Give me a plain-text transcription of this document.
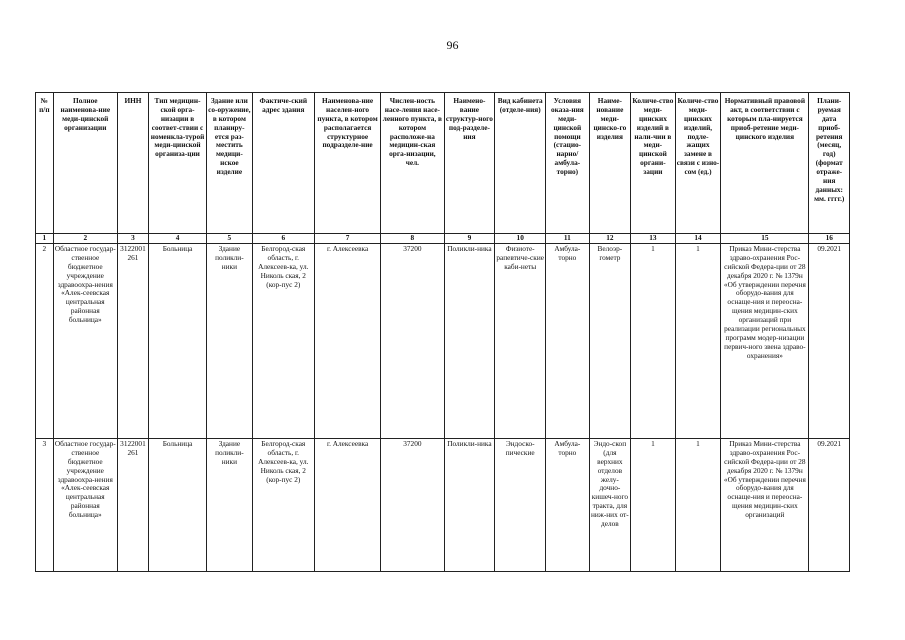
96
№ п/п	Полное наименова-ние меди-цинской организации	ИНН	Тип медицин-ской орга-низации в соответ-ствии с номенкла-турой меди-цинской организа-ции	Здание или со-оружение, в котором планиру-ется раз-местить медици-нское изделие	Фактиче-ский адрес здания	Наименова-ние населен-ного пункта, в котором располагается структурное подразделе-ние	Числен-ность насе-ления насе-ленного пункта, в котором расположе-на медицин-ская орга-низации, чел.	Наимено-вание структур-ного под-разделе-ния	Вид кабинета (отделе-ния)	Условия оказа-ния меди-цинской помощи (стацио-нарно/ амбула-торно)	Наиме-нование меди-цинско-го изделия	Количе-ство меди-цинских изделий в нали-чии в меди-цинской органи-зации	Количе-ство меди-цинских изделий, подле-жащих замене в связи с изно-сом (ед.)	Нормативный правовой акт, в соответствии с которым пла-нируется приоб-ретение меди-цинского изделия	Плани-руемая дата приоб-ретения (месяц, год) (формат отраже-ния данных: мм. гггг.)
1	2	3	4	5	6	7	8	9	10	11	12	13	14	15	16
2	Областное государ-ственное бюджетное учреждение здравоохра-нения «Алек-сеевская центральная районная больница»	3122001261	Больница	Здание поликли-ники	Белгород-ская область, г. Алексеев-ка, ул. Николь ская, 2 (кор-пус 2)	г. Алексеевка	37200	Поликли-ника	Физиоте-рапевтиче-ские каби-неты	Амбула-торно	Велоэр-гометр	1	1	Приказ Мини-стерства здраво-охранения Рос-сийской Федера-ции от 28 декабря 2020 г. № 1379н «Об утверждении перечня оборудо-вания для оснаще-ния и переосна-щения медицин-ских организаций при реализации региональных программ модер-низации первич-ного звена здраво-охранения»	09.2021
3	Областное государ-ственное бюджетное учреждение здравоохра-нения «Алек-сеевская центральная районная больница»	3122001261	Больница	Здание поликли-ники	Белгород-ская область, г. Алексеев-ка, ул. Николь ская, 2 (кор-пус 2)	г. Алексеевка	37200	Поликли-ника	Эндоско-пические	Амбула-торно	Эндо-скоп (для верхних отделов желу-дочно-кишеч-ного тракта, для ниж-них от-делов	1	1	Приказ Мини-стерства здраво-охранения Рос-сийской Федера-ции от 28 декабря 2020 г. № 1379н «Об утверждении перечня оборудо-вания для оснаще-ния и переосна-щения медицин-ских организаций	09.2021
